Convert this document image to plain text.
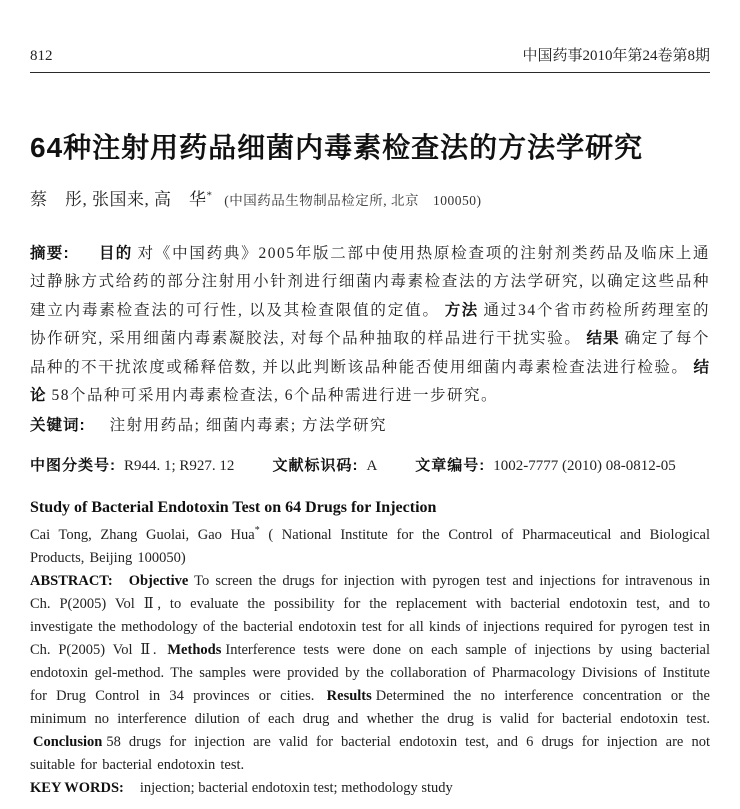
812	中国药事2010年第24卷第8期
64种注射用药品细菌内毒素检查法的方法学研究
蔡　彤, 张国来, 高　华* (中国药品生物制品检定所, 北京　100050)

摘要: 目的 对《中国药典》2005年版二部中使用热原检查项的注射剂类药品及临床上通过静脉方式给药的部分注射用小针剂进行细菌内毒素检查法的方法学研究, 以确定这些品种建立内毒素检查法的可行性, 以及其检查限值的定值。 方法 通过34个省市药检所药理室的协作研究, 采用细菌内毒素凝胶法, 对每个品种抽取的样品进行干扰实验。 结果 确定了每个品种的不干扰浓度或稀释倍数, 并以此判断该品种能否使用细菌内毒素检查法进行检验。 结论 58个品种可采用内毒素检查法, 6个品种需进行进一步研究。

关键词: 注射用药品; 细菌内毒素; 方法学研究

中图分类号: R944. 1; R927. 12	文献标识码: A	文章编号: 1002-7777 (2010) 08-0812-05

Study of Bacterial Endotoxin Test on 64 Drugs for Injection

Cai Tong, Zhang Guolai, Gao Hua* ( National Institute for the Control of Pharmaceutical and Biological Products, Beijing 100050)

ABSTRACT: Objective To screen the drugs for injection with pyrogen test and injections for intravenous in Ch. P(2005) Vol Ⅱ, to evaluate the possibility for the replacement with bacterial endotoxin test, and to investigate the methodology of the bacterial endotoxin test for all kinds of injections required for pyrogen test in Ch. P(2005) Vol Ⅱ. Methods Interference tests were done on each sample of injections by using bacterial endotoxin gel-method. The samples were provided by the collaboration of Pharmacology Divisions of Institute for Drug Control in 34 provinces or cities. Results Determined the no interference concentration or the minimum no interference dilution of each drug and whether the drug is valid for bacterial endotoxin test. Conclusion 58 drugs for injection are valid for bacterial endotoxin test, and 6 drugs for injection are not suitable for bacterial endotoxin test.

KEY WORDS: injection; bacterial endotoxin test; methodology study
